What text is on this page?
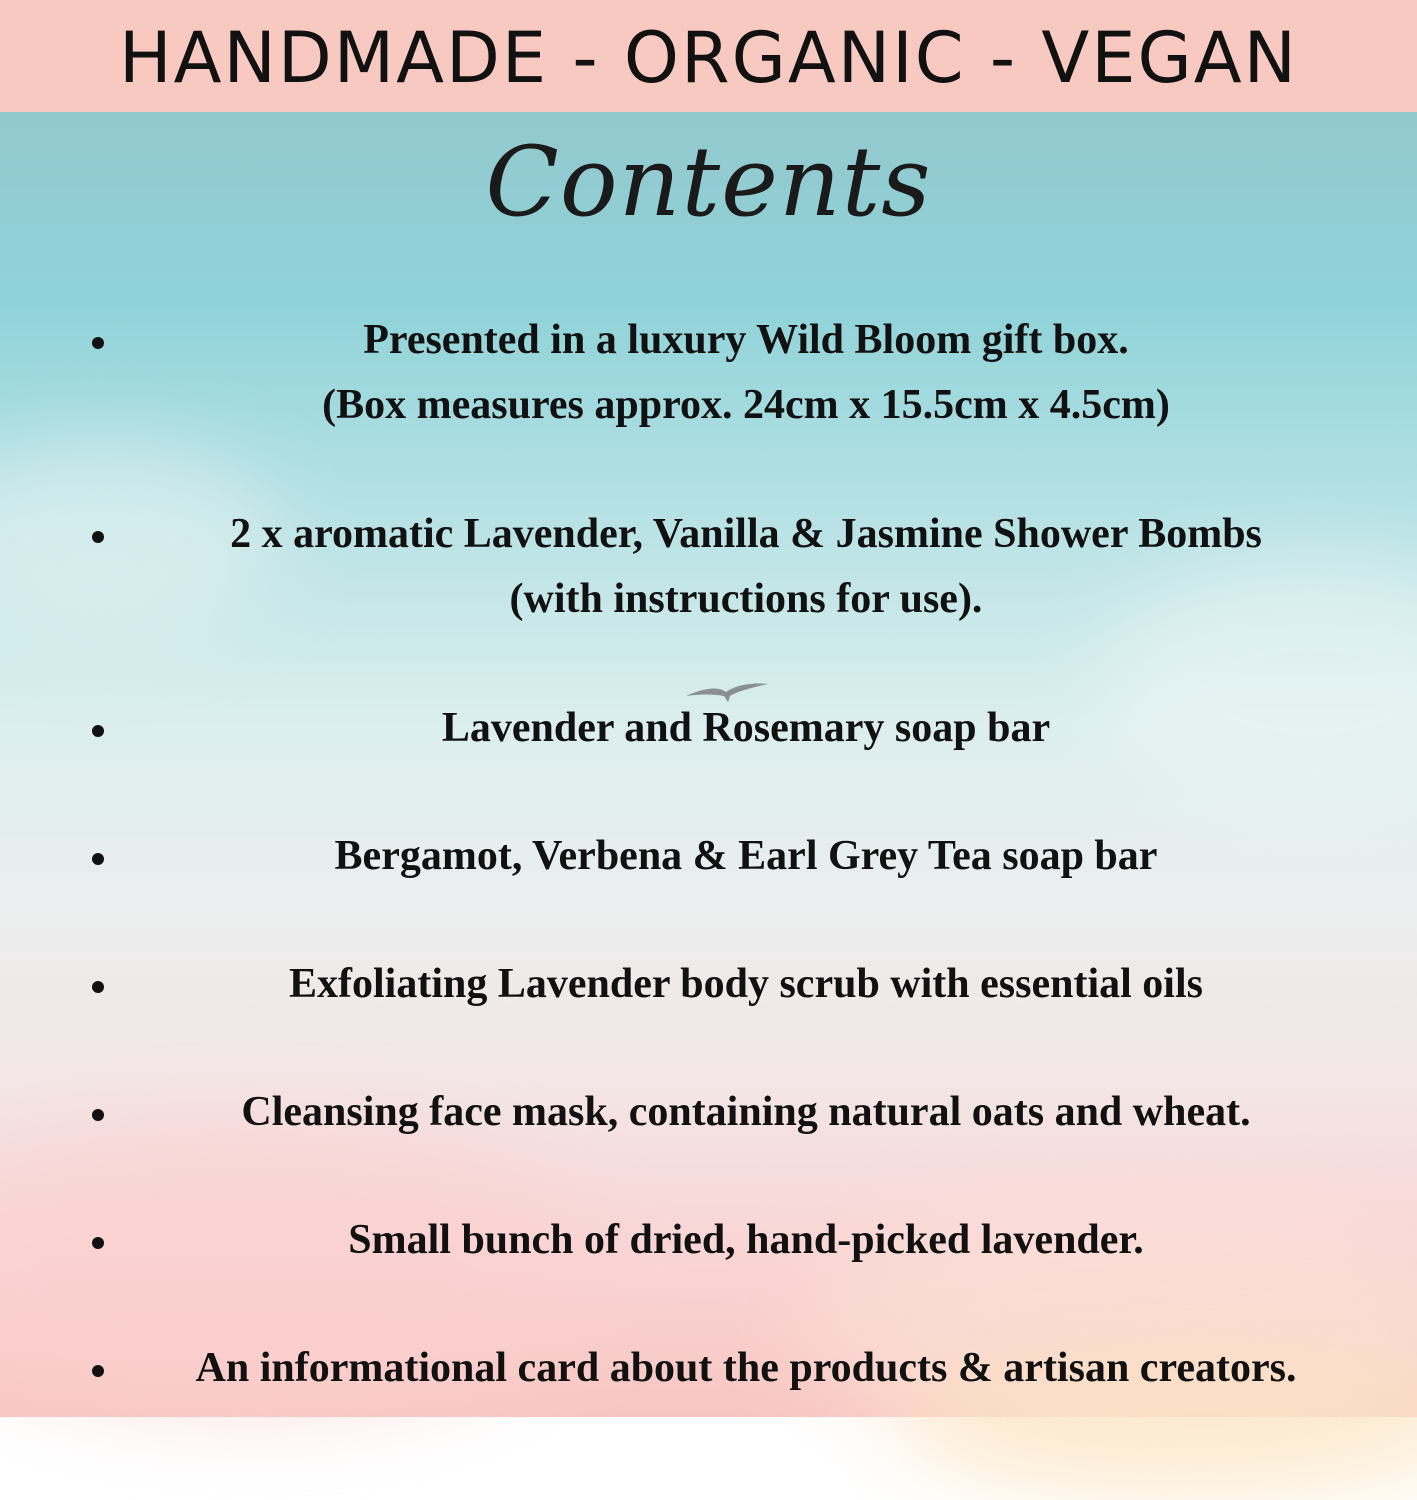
HANDMADE - ORGANIC - VEGAN
Contents
Presented in a luxury Wild Bloom gift box.
(Box measures approx. 24cm x 15.5cm x 4.5cm)
2 x aromatic Lavender, Vanilla & Jasmine Shower Bombs
(with instructions for use).
Lavender and Rosemary soap bar
Bergamot, Verbena & Earl Grey Tea soap bar
Exfoliating Lavender body scrub with essential oils
Cleansing face mask, containing natural oats and wheat.
Small bunch of dried, hand-picked lavender.
An informational card about the products & artisan creators.
